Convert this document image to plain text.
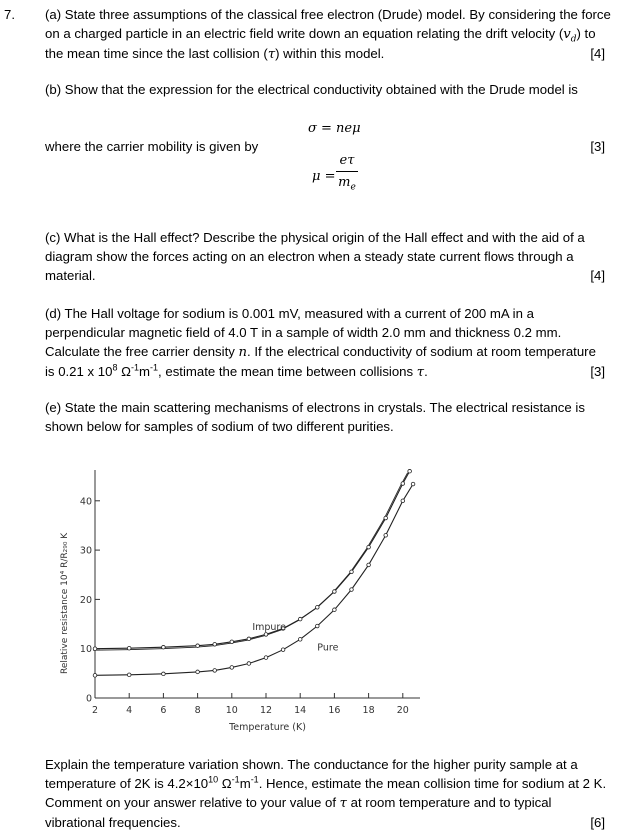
7. (a) State three assumptions of the classical free electron (Drude) model. By considering the force
on a charged particle in an electric field write down an equation relating the drift velocity $(v_d)$ to
the mean time since the last collision (τ) within this model.	[4]
(b) Show that the expression for the electrical conductivity obtained with the Drude model is
σ = neμ
where the carrier mobility is given by	[3]
μ =
eτ
$m_e$
(c) What is the Hall effect? Describe the physical origin of the Hall effect and with the aid of a
diagram show the forces acting on an electron when a steady state current flows through a
material.	[4]
(d) The Hall voltage for sodium is 0.001 mV, measured with a current of 200 mA in a
perpendicular magnetic field of 4.0 T in a sample of width 2.0 mm and thickness 0.2 mm.
Calculate the free carrier density n. If the electrical conductivity of sodium at room temperature
is 0.21 x $10^8$ $\Omega^{-1}m^{-1}$, estimate the mean time between collisions τ.	[3]
(e) State the main scattering mechanisms of electrons in crystals. The electrical resistance is
shown below for samples of sodium of two different purities.
2	4	6	8	10 12 14 16 18 20
0
10
20
30
40
Temperature (K)
Relative resistance 10⁴ R/R₂₉₀ K	Impure
Pure
Explain the temperature variation shown. The conductance for the higher purity sample at a
temperature of 2K is $4.2\times 10^{10}$ $\Omega^{-1}m^{-1}$. Hence, estimate the mean collision time for sodium at 2 K.
Comment on your answer relative to your value of τ at room temperature and to typical
vibrational frequencies.	[6]
